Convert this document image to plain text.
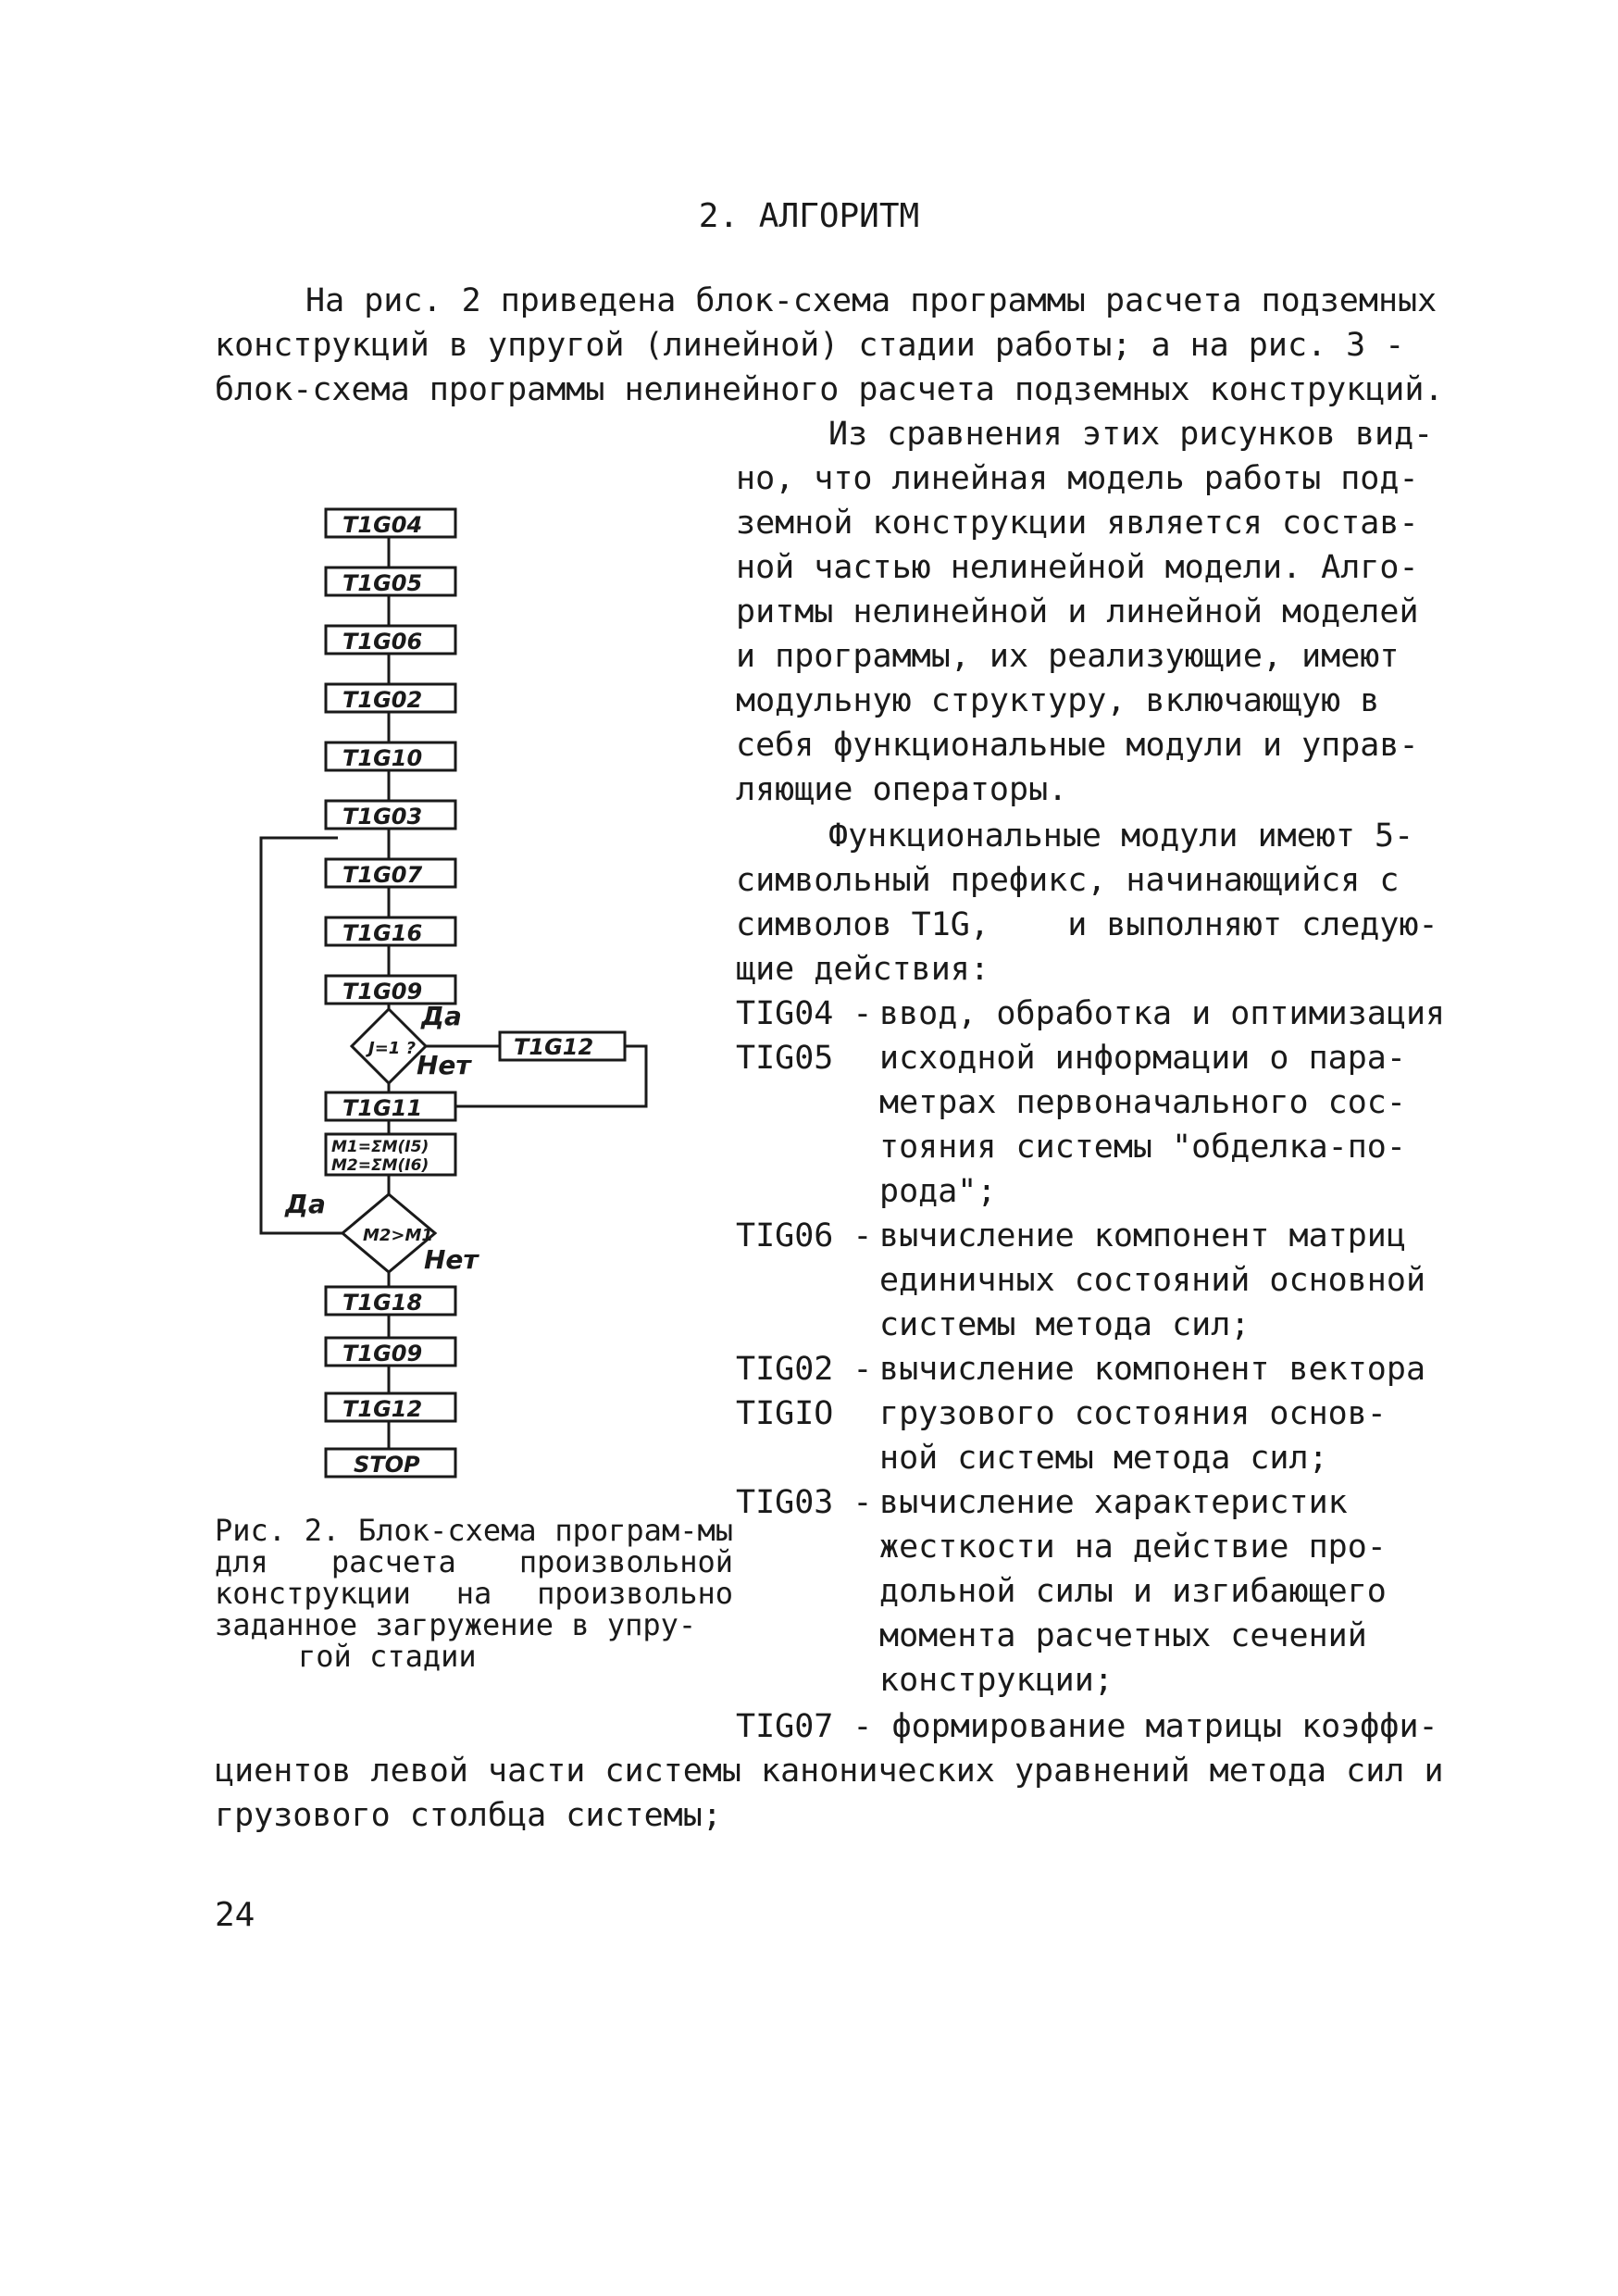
2. АЛГОРИТМ
На рис. 2 приведена блок-схема программы расчета подземных
конструкций в упругой (линейной) стадии работы; а на рис. 3 -
блок-схема программы нелинейного расчета подземных конструкций.
Из сравнения этих рисунков вид-
но, что линейная модель работы под-
земной конструкции является состав-
ной частью нелинейной модели. Алго-
ритмы нелинейной и линейной моделей
и программы, их реализующие, имеют
модульную структуру, включающую в
себя функциональные модули и управ-
ляющие операторы.
Функциональные модули имеют 5-
символьный префикс, начинающийся с
символов Т1G,    и выполняют следую-
щие действия:
TIG04 - ввод, обработка и оптимизация
TIG05 исходной информации о пара-
метрах первоначального сос-
тояния системы "обделка-по-
рода";
TIG06 - вычисление компонент матриц
единичных состояний основной
системы метода сил;
TIG02 - вычисление компонент вектора
TIGIO грузового состояния основ-
ной системы метода сил;
TIG03 - вычисление характеристик
жесткости на действие про-
дольной силы и изгибающего
момента расчетных сечений
конструкции;
TIG07 - формирование матрицы коэффи-
циентов левой части системы канонических уравнений метода сил и
грузового столбца системы;
Рис. 2. Блок-схема програм-мы для расчета произвольной конструкции на произвольно заданное загружение в упру-
гой стадии
24
T1G04
T1G05
T1G06
T1G02
T1G10
T1G03
T1G07
T1G16
T1G09
J=1 ?	T1G12
Да
Нет
T1G11
M1=ΣM(I5)
M2=ΣM(I6)
M2>M1
Да
Нет
T1G18
T1G09
T1G12
STOP
